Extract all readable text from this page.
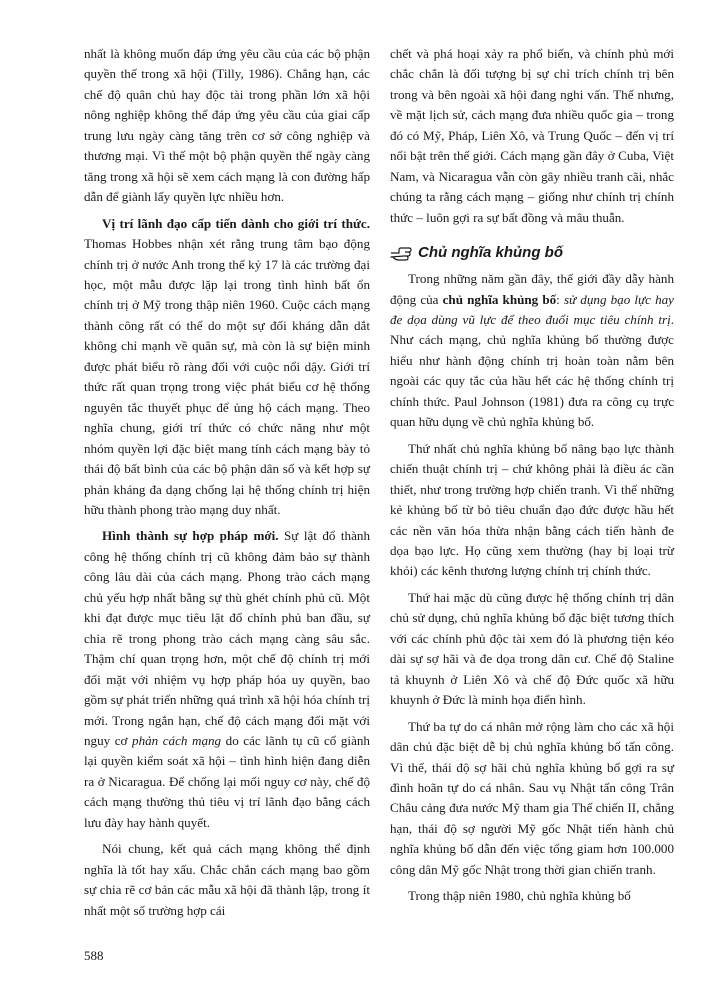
nhất là không muốn đáp ứng yêu cầu của các bộ phận quyền thế trong xã hội (Tilly, 1986). Chẳng hạn, các chế độ quân chủ hay độc tài trong phần lớn xã hội nông nghiệp không thể đáp ứng yêu cầu của giai cấp trung lưu ngày càng tăng trên cơ sở công nghiệp và thương mại. Vì thế một bộ phận quyền thế ngày càng tăng trong xã hội sẽ xem cách mạng là con đường hấp dẫn để giành lấy quyền lực nhiều hơn.

Vị trí lãnh đạo cấp tiến dành cho giới trí thức. Thomas Hobbes nhận xét rằng trung tâm bạo động chính trị ở nước Anh trong thế kỷ 17 là các trường đại học, một mẫu được lặp lại trong tình hình bất ổn chính trị ở Mỹ trong thập niên 1960. Cuộc cách mạng thành công rất có thể do một sự đối kháng dẫn dắt không chỉ mạnh về quân sự, mà còn là sự biện minh được phát biểu rõ ràng đối với cuộc nổi dậy. Giới trí thức rất quan trọng trong việc phát biểu cơ hệ thống nguyên tắc thuyết phục để ủng hộ cách mạng. Theo nghĩa chung, giới trí thức có chức năng như một nhóm quyền lợi đặc biệt mang tính cách mạng bày tỏ thái độ bất bình của các bộ phận dân số và kết hợp sự phản kháng đa dạng chống lại hệ thống chính trị hiện hữu thành phong trào mạng duy nhất.

Hình thành sự hợp pháp mới. Sự lật đổ thành công hệ thống chính trị cũ không đảm bảo sự thành công lâu dài của cách mạng. Phong trào cách mạng chủ yếu hợp nhất bằng sự thù ghét chính phủ cũ. Một khi đạt được mục tiêu lật đổ chính phủ ban đầu, sự chia rẽ trong phong trào cách mạng càng sâu sắc. Thậm chí quan trọng hơn, một chế độ chính trị mới đối mặt với nhiệm vụ hợp pháp hóa uy quyền, bao gồm sự phát triển những quá trình xã hội hóa chính trị mới. Trong ngắn hạn, chế độ cách mạng đối mặt với nguy cơ phản cách mạng do các lãnh tụ cũ cố giành lại quyền kiểm soát xã hội – tình hình hiện đang diễn ra ở Nicaragua. Để chống lại mối nguy cơ này, chế độ cách mạng thường thủ tiêu vị trí lãnh đạo bằng cách lưu đày hay hành quyết.

Nói chung, kết quả cách mạng không thể định nghĩa là tốt hay xấu. Chắc chắn cách mạng bao gồm sự chia rẽ cơ bản các mẫu xã hội đã thành lập, trong ít nhất một số trường hợp cái

chết và phá hoại xảy ra phổ biến, và chính phủ mới chắc chắn là đối tượng bị sự chỉ trích chính trị bên trong và bên ngoài xã hội đang nghi vấn. Thế nhưng, về mặt lịch sử, cách mạng đưa nhiều quốc gia – trong đó có Mỹ, Pháp, Liên Xô, và Trung Quốc – đến vị trí nổi bật trên thế giới. Cách mạng gần đây ở Cuba, Việt Nam, và Nicaragua vẫn còn gây nhiều tranh cãi, nhắc chúng ta rằng cách mạng – giống như chính trị chính thức – luôn gợi ra sự bất đồng và mâu thuẫn.

Chủ nghĩa khủng bố

Trong những năm gần đây, thế giới đầy dẫy hành động của chủ nghĩa khủng bố: sử dụng bạo lực hay đe dọa dùng vũ lực để theo đuổi mục tiêu chính trị. Như cách mạng, chủ nghĩa khủng bố thường được hiểu như hành động chính trị hoàn toàn nằm bên ngoài các quy tắc của hầu hết các hệ thống chính trị chính thức. Paul Johnson (1981) đưa ra công cụ trực quan hữu dụng về chủ nghĩa khủng bố.

Thứ nhất chủ nghĩa khủng bố nâng bạo lực thành chiến thuật chính trị – chứ không phải là điều ác cần thiết, như trong trường hợp chiến tranh. Vì thế những kẻ khủng bố từ bỏ tiêu chuẩn đạo đức được hầu hết các nền văn hóa thừa nhận bằng cách tiến hành đe dọa bạo lực. Họ cũng xem thường (hay bị loại trừ khỏi) các kênh thương lượng chính trị chính thức.

Thứ hai mặc dù cũng được hệ thống chính trị dân chủ sử dụng, chủ nghĩa khủng bố đặc biệt tương thích với các chính phủ độc tài xem đó là phương tiện kéo dài sự sợ hãi và đe dọa trong dân cư. Chế độ Staline tả khuynh ở Liên Xô và chế độ Đức quốc xã hữu khuynh ở Đức là minh họa điển hình.

Thứ ba tự do cá nhân mở rộng làm cho các xã hội dân chủ đặc biệt dễ bị chủ nghĩa khủng bố tấn công. Vì thế, thái độ sợ hãi chủ nghĩa khủng bố gợi ra sự đình hoãn tự do cá nhân. Sau vụ Nhật tấn công Trân Châu cảng đưa nước Mỹ tham gia Thế chiến II, chẳng hạn, thái độ sợ người Mỹ gốc Nhật tiến hành chủ nghĩa khủng bố dẫn đến việc tống giam hơn 100.000 công dân Mỹ gốc Nhật trong thời gian chiến tranh.

Trong thập niên 1980, chủ nghĩa khủng bố

588
